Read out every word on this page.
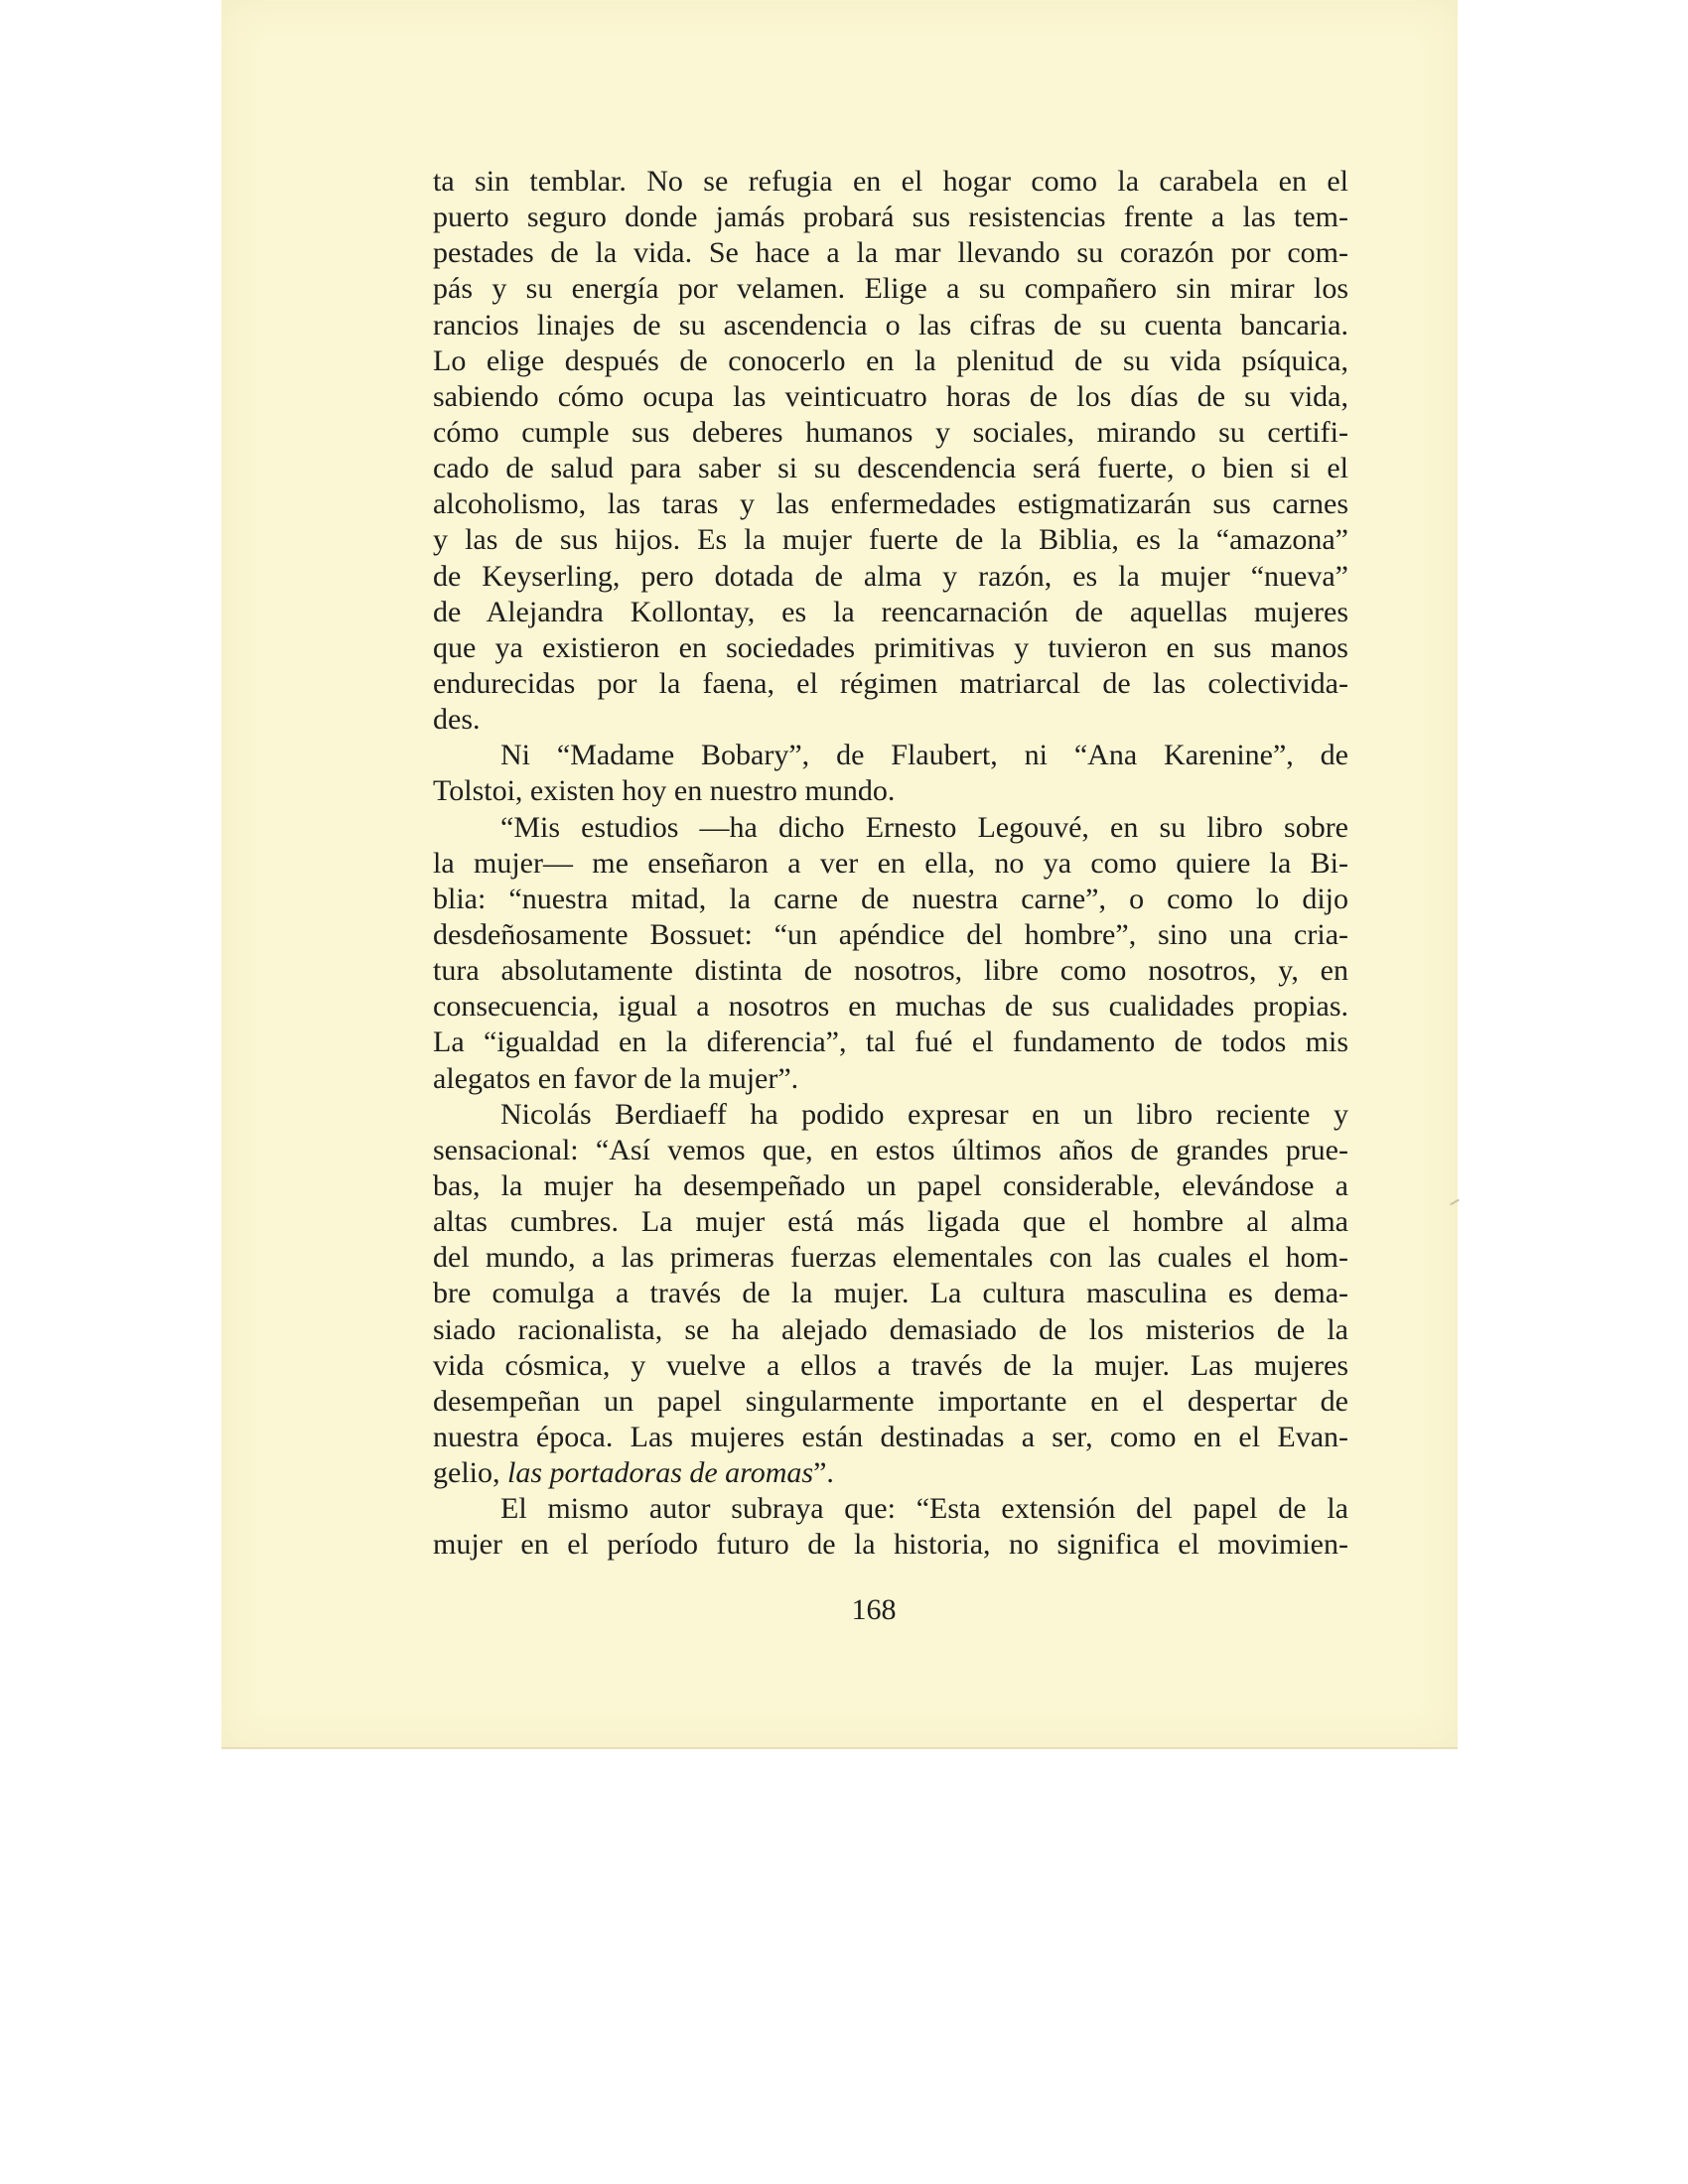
ta sin temblar. No se refugia en el hogar como la carabela en el
puerto seguro donde jamás probará sus resistencias frente a las tem-
pestades de la vida. Se hace a la mar llevando su corazón por com-
pás y su energía por velamen. Elige a su compañero sin mirar los
rancios linajes de su ascendencia o las cifras de su cuenta bancaria.
Lo elige después de conocerlo en la plenitud de su vida psíquica,
sabiendo cómo ocupa las veinticuatro horas de los días de su vida,
cómo cumple sus deberes humanos y sociales, mirando su certifi-
cado de salud para saber si su descendencia será fuerte, o bien si el
alcoholismo, las taras y las enfermedades estigmatizarán sus carnes
y las de sus hijos. Es la mujer fuerte de la Biblia, es la “amazona”
de Keyserling, pero dotada de alma y razón, es la mujer “nueva”
de Alejandra Kollontay, es la reencarnación de aquellas mujeres
que ya existieron en sociedades primitivas y tuvieron en sus manos
endurecidas por la faena, el régimen matriarcal de las colectivida-
des.
Ni “Madame Bobary”, de Flaubert, ni “Ana Karenine”, de
Tolstoi, existen hoy en nuestro mundo.
“Mis estudios —ha dicho Ernesto Legouvé, en su libro sobre
la mujer— me enseñaron a ver en ella, no ya como quiere la Bi-
blia: “nuestra mitad, la carne de nuestra carne”, o como lo dijo
desdeñosamente Bossuet: “un apéndice del hombre”, sino una cria-
tura absolutamente distinta de nosotros, libre como nosotros, y, en
consecuencia, igual a nosotros en muchas de sus cualidades propias.
La “igualdad en la diferencia”, tal fué el fundamento de todos mis
alegatos en favor de la mujer”.
Nicolás Berdiaeff ha podido expresar en un libro reciente y
sensacional: “Así vemos que, en estos últimos años de grandes prue-
bas, la mujer ha desempeñado un papel considerable, elevándose a
altas cumbres. La mujer está más ligada que el hombre al alma
del mundo, a las primeras fuerzas elementales con las cuales el hom-
bre comulga a través de la mujer. La cultura masculina es dema-
siado racionalista, se ha alejado demasiado de los misterios de la
vida cósmica, y vuelve a ellos a través de la mujer. Las mujeres
desempeñan un papel singularmente importante en el despertar de
nuestra época. Las mujeres están destinadas a ser, como en el Evan-
gelio, las portadoras de aromas”.
El mismo autor subraya que: “Esta extensión del papel de la
mujer en el período futuro de la historia, no significa el movimien-
168
